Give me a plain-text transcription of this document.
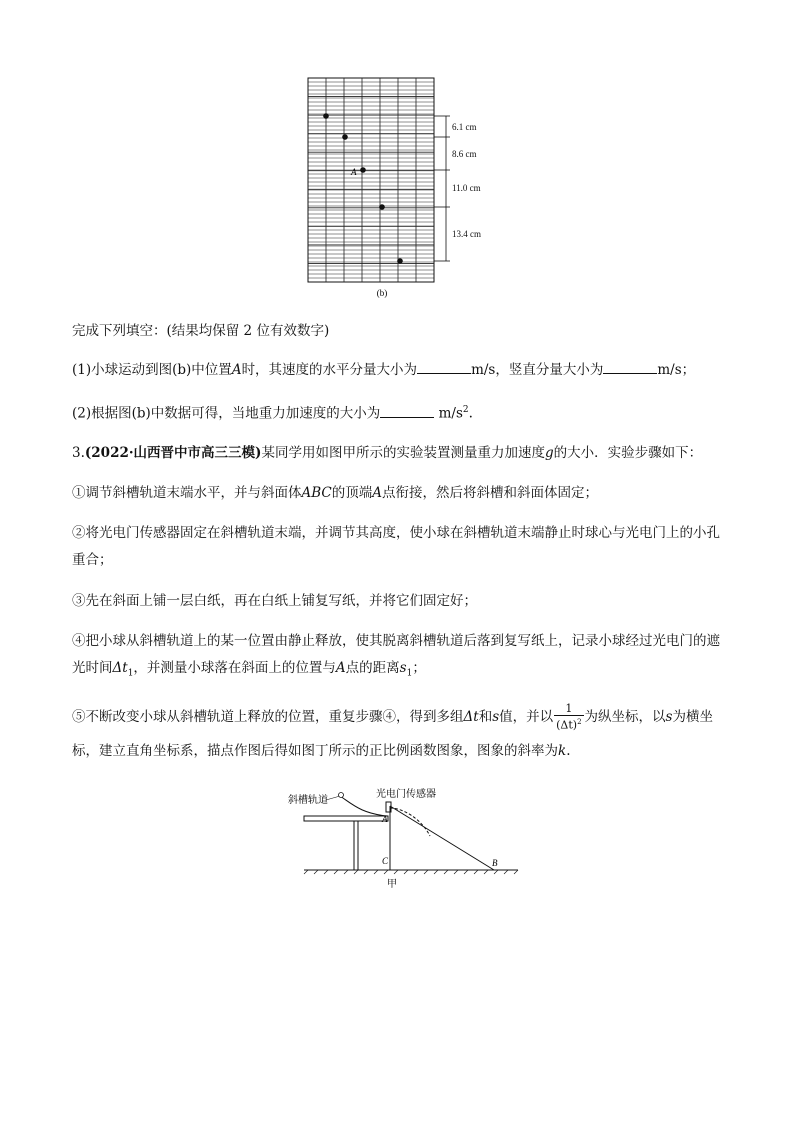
A
6.1 cm
8.6 cm
11.0 cm
13.4 cm
(b)

完成下列填空：(结果均保留 2 位有效数字)

(1)小球运动到图(b)中位置A时，其速度的水平分量大小为	m/s，竖直分量大小为	m/s；

(2)根据图(b)中数据可得，当地重力加速度的大小为	$m/s^2$.

3.(2022·山西晋中市高三三模)某同学用如图甲所示的实验装置测量重力加速度g的大小．实验步骤如下：

①调节斜槽轨道末端水平，并与斜面体ABC的顶端A点衔接，然后将斜槽和斜面体固定；

②将光电门传感器固定在斜槽轨道末端，并调节其高度，使小球在斜槽轨道末端静止时球心与光电门上的小孔重合；

③先在斜面上铺一层白纸，再在白纸上铺复写纸，并将它们固定好；

④把小球从斜槽轨道上的某一位置由静止释放，使其脱离斜槽轨道后落到复写纸上，记录小球经过光电门的遮光时间$\Delta t_1$，并测量小球落在斜面上的位置与A点的距离$s_1$；

⑤不断改变小球从斜槽轨道上释放的位置，重复步骤④，得到多组Δt和s值，并以 $\frac{1}{(\Delta t)^2}$ 为纵坐标，以s为横坐标，建立直角坐标系，描点作图后得如图丁所示的正比例函数图象，图象的斜率为k.

斜槽轨道
光电门传感器
A
C	B
甲
